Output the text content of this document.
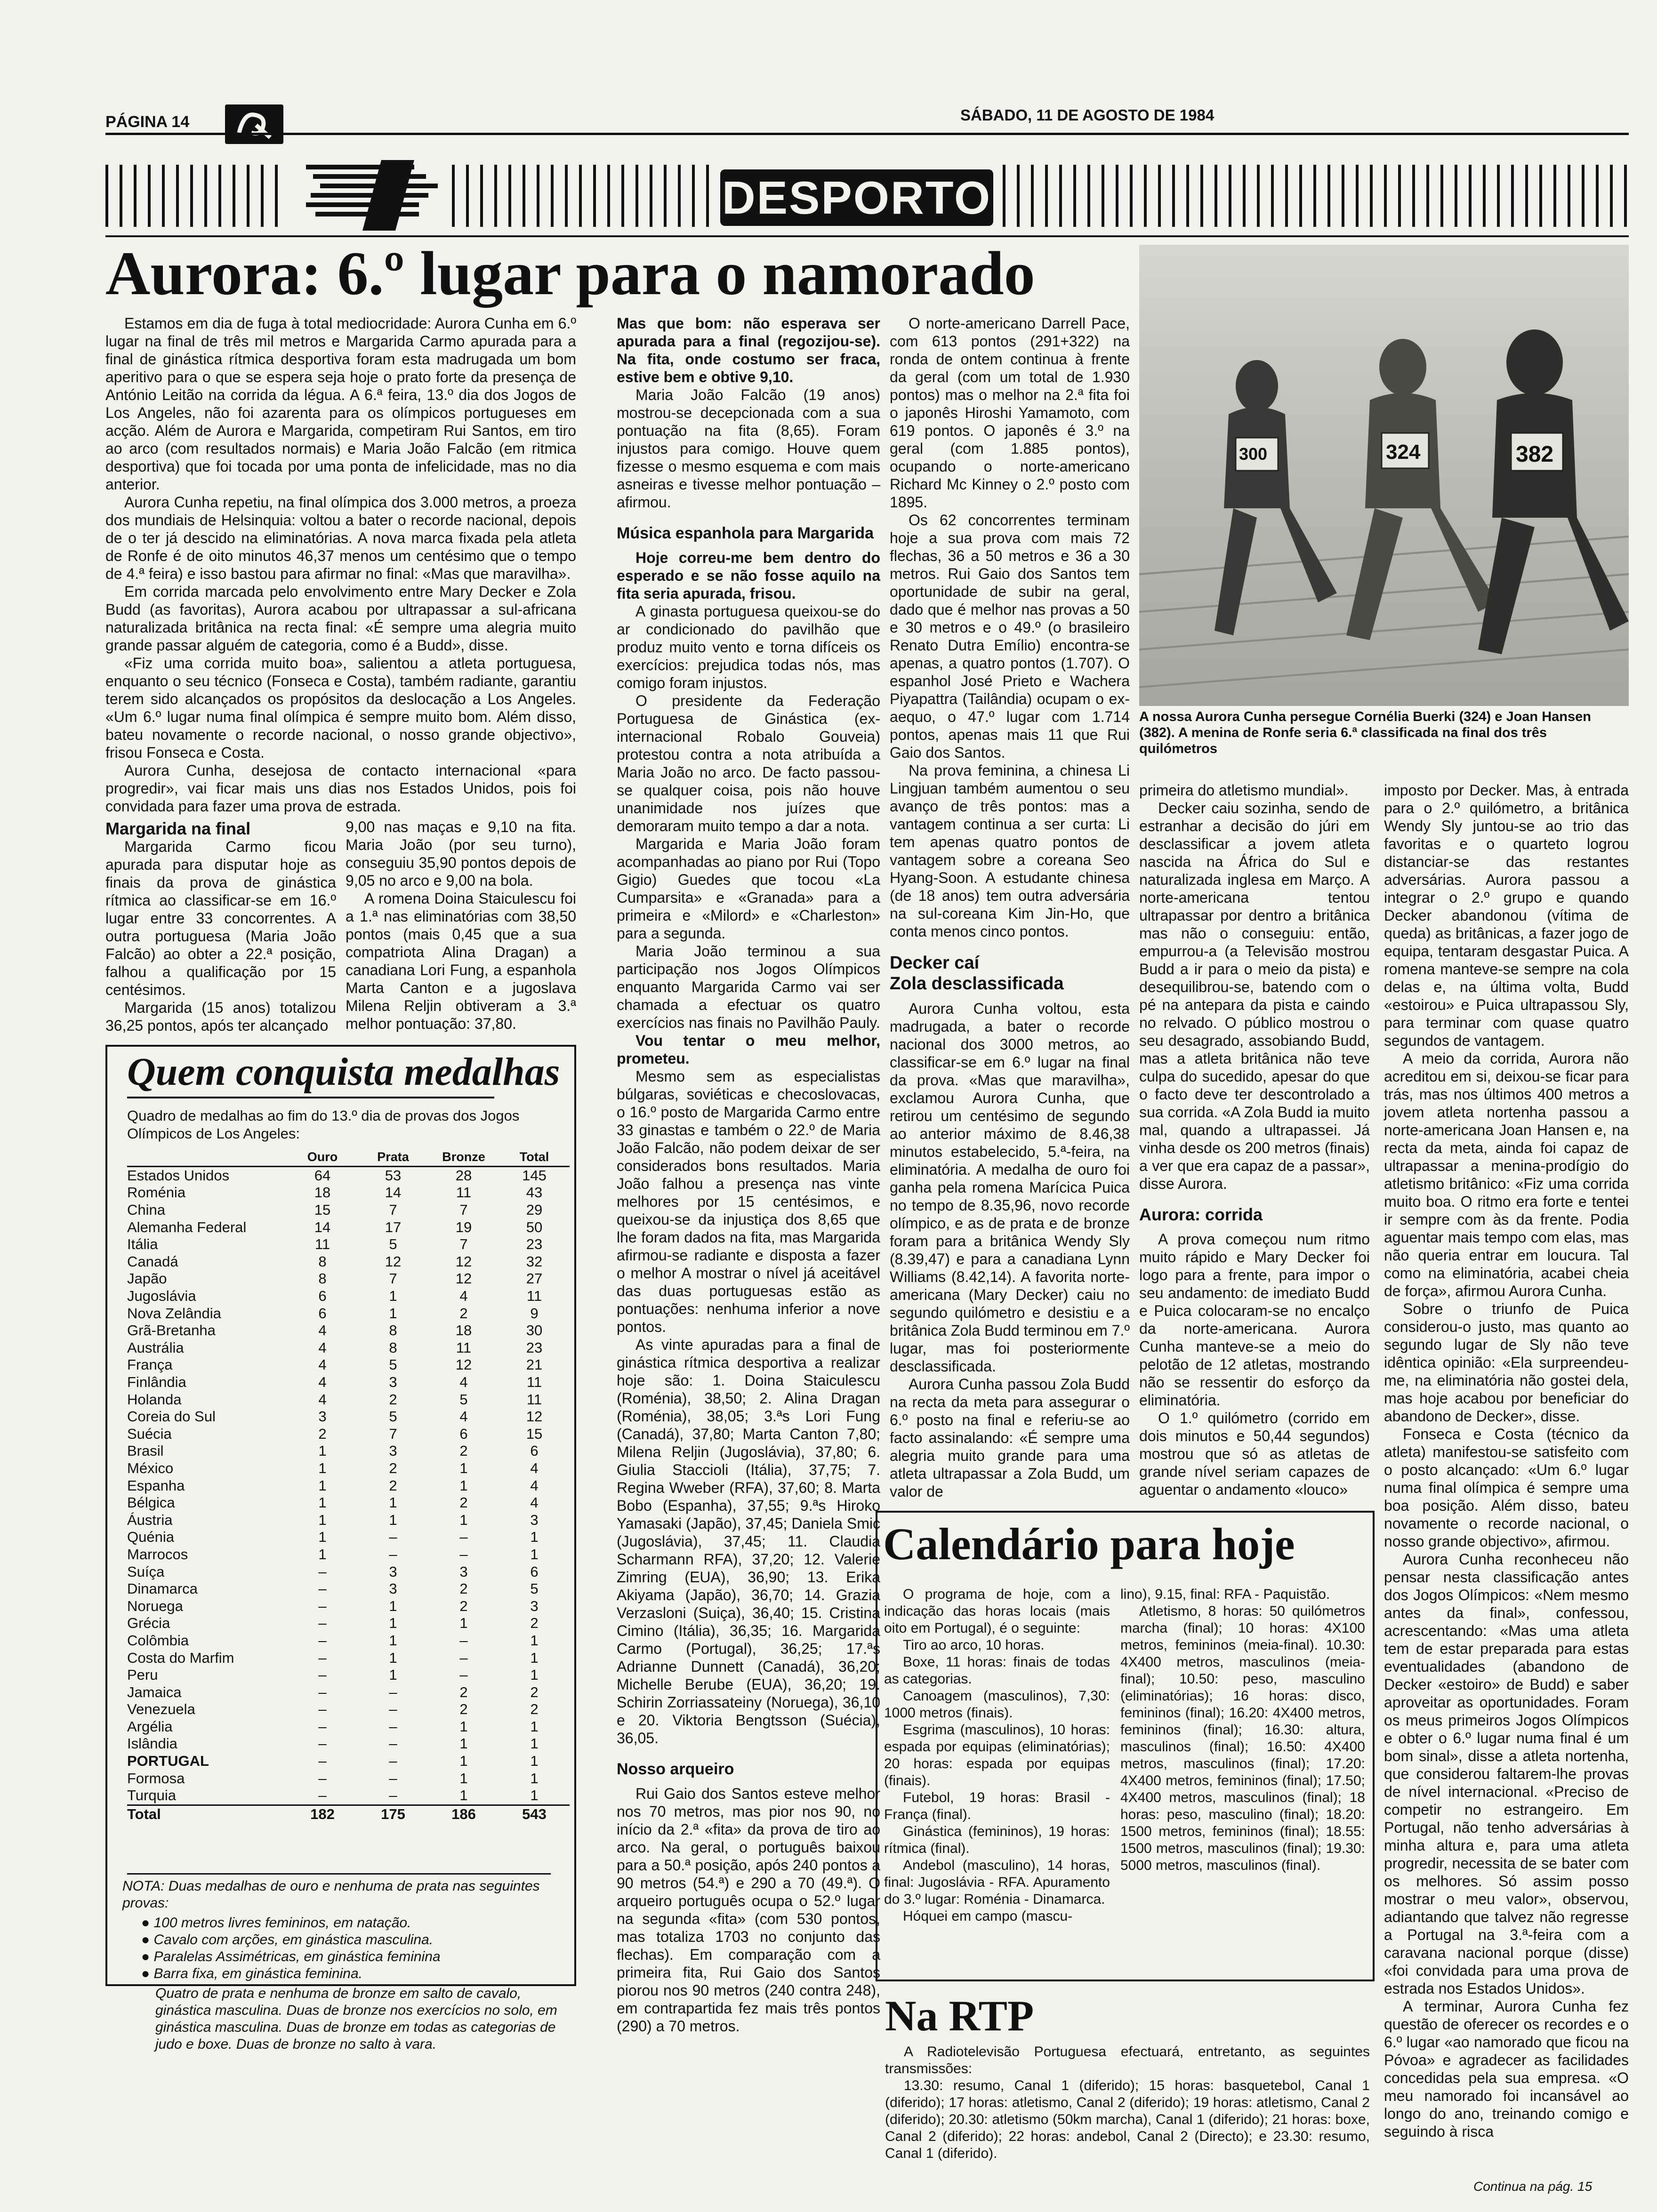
PÁGINA 14	SÁBADO, 11 DE AGOSTO DE 1984
DESPORTO
Aurora: 6.º lugar para o namorado
300	324	382
A nossa Aurora Cunha persegue Cornélia Buerki (324) e Joan Hansen (382). A menina de Ronfe seria 6.ª classificada na final dos três quilómetros

Estamos em dia de fuga à total mediocridade: Aurora Cunha em 6.º lugar na final de três mil metros e Margarida Carmo apurada para a final de ginástica rítmica desportiva foram esta madrugada um bom aperitivo para o que se espera seja hoje o prato forte da presença de António Leitão na corrida da légua. A 6.ª feira, 13.º dia dos Jogos de Los Angeles, não foi azarenta para os olímpicos portugueses em acção. Além de Aurora e Margarida, competiram Rui Santos, em tiro ao arco (com resultados normais) e Maria João Falcão (em ritmica desportiva) que foi tocada por uma ponta de infelicidade, mas no dia anterior.

Aurora Cunha repetiu, na final olímpica dos 3.000 metros, a proeza dos mundiais de Helsinquia: voltou a bater o recorde nacional, depois de o ter já descido na eliminatórias. A nova marca fixada pela atleta de Ronfe é de oito minutos 46,37 menos um centésimo que o tempo de 4.ª feira) e isso bastou para afirmar no final: «Mas que maravilha».

Em corrida marcada pelo envolvimento entre Mary Decker e Zola Budd (as favoritas), Aurora acabou por ultrapassar a sul-africana naturalizada britânica na recta final: «É sempre uma alegria muito grande passar alguém de categoria, como é a Budd», disse.

«Fiz uma corrida muito boa», salientou a atleta portuguesa, enquanto o seu técnico (Fonseca e Costa), também radiante, garantiu terem sido alcançados os propósitos da deslocação a Los Angeles. «Um 6.º lugar numa final olímpica é sempre muito bom. Além disso, bateu novamente o recorde nacional, o nosso grande objectivo», frisou Fonseca e Costa.

Aurora Cunha, desejosa de contacto internacional «para progredir», vai ficar mais uns dias nos Estados Unidos, pois foi convidada para fazer uma prova de estrada.

Margarida na final

Margarida Carmo ficou apurada para disputar hoje as finais da prova de ginástica rítmica ao classificar-se em 16.º lugar entre 33 concorrentes. A outra portuguesa (Maria João Falcão) ao obter a 22.ª posição, falhou a qualificação por 15 centésimos.

Margarida (15 anos) totalizou 36,25 pontos, após ter alcançado

9,00 nas maças e 9,10 na fita. Maria João (por seu turno), conseguiu 35,90 pontos depois de 9,05 no arco e 9,00 na bola.

A romena Doina Staiculescu foi a 1.ª nas eliminatórias com 38,50 pontos (mais 0,45 que a sua compatriota Alina Dragan) a canadiana Lori Fung, a espanhola Marta Canton e a jugoslava Milena Reljin obtiveram a 3.ª melhor pontuação: 37,80.

Quem conquista medalhas
Quadro de medalhas ao fim do 13.º dia de provas dos Jogos Olímpicos de Los Angeles:
	Ouro	Prata	Bronze	Total
Estados Unidos	64	53	28	145
Roménia	18	14	11	43
China	15	7	7	29
Alemanha Federal	14	17	19	50
Itália	11	5	7	23
Canadá	8	12	12	32
Japão	8	7	12	27
Jugoslávia	6	1	4	11
Nova Zelândia	6	1	2	9
Grã-Bretanha	4	8	18	30
Austrália	4	8	11	23
França	4	5	12	21
Finlândia	4	3	4	11
Holanda	4	2	5	11
Coreia do Sul	3	5	4	12
Suécia	2	7	6	15
Brasil	1	3	2	6
México	1	2	1	4
Espanha	1	2	1	4
Bélgica	1	1	2	4
Áustria	1	1	1	3
Quénia	1	–	–	1
Marrocos	1	–	–	1
Suíça	–	3	3	6
Dinamarca	–	3	2	5
Noruega	–	1	2	3
Grécia	–	1	1	2
Colômbia	–	1	–	1
Costa do Marfim	–	1	–	1
Peru	–	1	–	1
Jamaica	–	–	2	2
Venezuela	–	–	2	2
Argélia	–	–	1	1
Islândia	–	–	1	1
PORTUGAL	–	–	1	1
Formosa	–	–	1	1
Turquia	–	–	1	1
Total	182	175	186	543
NOTA: Duas medalhas de ouro e nenhuma de prata nas seguintes provas:
● 100 metros livres femininos, em natação.
● Cavalo com arções, em ginástica masculina.
● Paralelas Assimétricas, em ginástica feminina
● Barra fixa, em ginástica feminina.
Quatro de prata e nenhuma de bronze em salto de cavalo, ginástica masculina. Duas de bronze nos exercícios no solo, em ginástica masculina. Duas de bronze em todas as categorias de judo e boxe. Duas de bronze no salto à vara.

Mas que bom: não esperava ser apurada para a final (regozijou-se). Na fita, onde costumo ser fraca, estive bem e obtive 9,10.

Maria João Falcão (19 anos) mostrou-se decepcionada com a sua pontuação na fita (8,65). Foram injustos para comigo. Houve quem fizesse o mesmo esquema e com mais asneiras e tivesse melhor pontuação – afirmou.

Música espanhola para Margarida

Hoje correu-me bem dentro do esperado e se não fosse aquilo na fita seria apurada, frisou.

A ginasta portuguesa queixou-se do ar condicionado do pavilhão que produz muito vento e torna difíceis os exercícios: prejudica todas nós, mas comigo foram injustos.

O presidente da Federação Portuguesa de Ginástica (ex-internacional Robalo Gouveia) protestou contra a nota atribuída a Maria João no arco. De facto passou-se qualquer coisa, pois não houve unanimidade nos juízes que demoraram muito tempo a dar a nota.

Margarida e Maria João foram acompanhadas ao piano por Rui (Topo Gigio) Guedes que tocou «La Cumparsita» e «Granada» para a primeira e «Milord» e «Charleston» para a segunda.

Maria João terminou a sua participação nos Jogos Olímpicos enquanto Margarida Carmo vai ser chamada a efectuar os quatro exercícios nas finais no Pavilhão Pauly.

Vou tentar o meu melhor, prometeu.

Mesmo sem as especialistas búlgaras, soviéticas e checoslovacas, o 16.º posto de Margarida Carmo entre 33 ginastas e também o 22.º de Maria João Falcão, não podem deixar de ser considerados bons resultados. Maria João falhou a presença nas vinte melhores por 15 centésimos, e queixou-se da injustiça dos 8,65 que lhe foram dados na fita, mas Margarida afirmou-se radiante e disposta a fazer o melhor A mostrar o nível já aceitável das duas portuguesas estão as pontuações: nenhuma inferior a nove pontos.

As vinte apuradas para a final de ginástica rítmica desportiva a realizar hoje são: 1. Doina Staiculescu (Roménia), 38,50; 2. Alina Dragan (Roménia), 38,05; 3.ªs Lori Fung (Canadá), 37,80; Marta Canton 7,80; Milena Reljin (Jugoslávia), 37,80; 6. Giulia Staccioli (Itália), 37,75; 7. Regina Wweber (RFA), 37,60; 8. Marta Bobo (Espanha), 37,55; 9.ªs Hiroko Yamasaki (Japão), 37,45; Daniela Smic (Jugoslávia), 37,45; 11. Claudia Scharmann RFA), 37,20; 12. Valerie Zimring (EUA), 36,90; 13. Erika Akiyama (Japão), 36,70; 14. Grazia Verzasloni (Suiça), 36,40; 15. Cristina Cimino (Itália), 36,35; 16. Margarida Carmo (Portugal), 36,25; 17.ªs Adrianne Dunnett (Canadá), 36,20; Michelle Berube (EUA), 36,20; 19. Schirin Zorriassateiny (Noruega), 36,10 e 20. Viktoria Bengtsson (Suécia), 36,05.

Nosso arqueiro

Rui Gaio dos Santos esteve melhor nos 70 metros, mas pior nos 90, no início da 2.ª «fita» da prova de tiro ao arco. Na geral, o português baixou para a 50.ª posição, após 240 pontos a 90 metros (54.ª) e 290 a 70 (49.ª). O arqueiro português ocupa o 52.º lugar na segunda «fita» (com 530 pontos, mas totaliza 1703 no conjunto das flechas). Em comparação com a primeira fita, Rui Gaio dos Santos piorou nos 90 metros (240 contra 248), em contrapartida fez mais três pontos (290) a 70 metros.

O norte-americano Darrell Pace, com 613 pontos (291+322) na ronda de ontem continua à frente da geral (com um total de 1.930 pontos) mas o melhor na 2.ª fita foi o japonês Hiroshi Yamamoto, com 619 pontos. O japonês é 3.º na geral (com 1.885 pontos), ocupando o norte-americano Richard Mc Kinney o 2.º posto com 1895.

Os 62 concorrentes terminam hoje a sua prova com mais 72 flechas, 36 a 50 metros e 36 a 30 metros. Rui Gaio dos Santos tem oportunidade de subir na geral, dado que é melhor nas provas a 50 e 30 metros e o 49.º (o brasileiro Renato Dutra Emílio) encontra-se apenas, a quatro pontos (1.707). O espanhol José Prieto e Wachera Piyapattra (Tailândia) ocupam o ex-aequo, o 47.º lugar com 1.714 pontos, apenas mais 11 que Rui Gaio dos Santos.

Na prova feminina, a chinesa Li Lingjuan também aumentou o seu avanço de três pontos: mas a vantagem continua a ser curta: Li tem apenas quatro pontos de vantagem sobre a coreana Seo Hyang-Soon. A estudante chinesa (de 18 anos) tem outra adversária na sul-coreana Kim Jin-Ho, que conta menos cinco pontos.

Decker caí
Zola desclassificada

Aurora Cunha voltou, esta madrugada, a bater o recorde nacional dos 3000 metros, ao classificar-se em 6.º lugar na final da prova. «Mas que maravilha», exclamou Aurora Cunha, que retirou um centésimo de segundo ao anterior máximo de 8.46,38 minutos estabelecido, 5.ª-feira, na eliminatória. A medalha de ouro foi ganha pela romena Marícica Puica no tempo de 8.35,96, novo recorde olímpico, e as de prata e de bronze foram para a britânica Wendy Sly (8.39,47) e para a canadiana Lynn Williams (8.42,14). A favorita norte-americana (Mary Decker) caiu no segundo quilómetro e desistiu e a britânica Zola Budd terminou em 7.º lugar, mas foi posteriormente desclassificada.

Aurora Cunha passou Zola Budd na recta da meta para assegurar o 6.º posto na final e referiu-se ao facto assinalando: «É sempre uma alegria muito grande para uma atleta ultrapassar a Zola Budd, um valor de

primeira do atletismo mundial».

Decker caiu sozinha, sendo de estranhar a decisão do júri em desclassificar a jovem atleta nascida na África do Sul e naturalizada inglesa em Março. A norte-americana tentou ultrapassar por dentro a britânica mas não o conseguiu: então, empurrou-a (a Televisão mostrou Budd a ir para o meio da pista) e desequilibrou-se, batendo com o pé na antepara da pista e caindo no relvado. O público mostrou o seu desagrado, assobiando Budd, mas a atleta britânica não teve culpa do sucedido, apesar do que o facto deve ter descontrolado a sua corrida. «A Zola Budd ia muito mal, quando a ultrapassei. Já vinha desde os 200 metros (finais) a ver que era capaz de a passar», disse Aurora.

Aurora: corrida

A prova começou num ritmo muito rápido e Mary Decker foi logo para a frente, para impor o seu andamento: de imediato Budd e Puica colocaram-se no encalço da norte-americana. Aurora Cunha manteve-se a meio do pelotão de 12 atletas, mostrando não se ressentir do esforço da eliminatória.

O 1.º quilómetro (corrido em dois minutos e 50,44 segundos) mostrou que só as atletas de grande nível seriam capazes de aguentar o andamento «louco»

imposto por Decker. Mas, à entrada para o 2.º quilómetro, a britânica Wendy Sly juntou-se ao trio das favoritas e o quarteto logrou distanciar-se das restantes adversárias. Aurora passou a integrar o 2.º grupo e quando Decker abandonou (vítima de queda) as britânicas, a fazer jogo de equipa, tentaram desgastar Puica. A romena manteve-se sempre na cola delas e, na última volta, Budd «estoirou» e Puica ultrapassou Sly, para terminar com quase quatro segundos de vantagem.

A meio da corrida, Aurora não acreditou em si, deixou-se ficar para trás, mas nos últimos 400 metros a jovem atleta nortenha passou a norte-americana Joan Hansen e, na recta da meta, ainda foi capaz de ultrapassar a menina-prodígio do atletismo britânico: «Fiz uma corrida muito boa. O ritmo era forte e tentei ir sempre com às da frente. Podia aguentar mais tempo com elas, mas não queria entrar em loucura. Tal como na eliminatória, acabei cheia de força», afirmou Aurora Cunha.

Sobre o triunfo de Puica considerou-o justo, mas quanto ao segundo lugar de Sly não teve idêntica opinião: «Ela surpreendeu-me, na eliminatória não gostei dela, mas hoje acabou por beneficiar do abandono de Decker», disse.

Fonseca e Costa (técnico da atleta) manifestou-se satisfeito com o posto alcançado: «Um 6.º lugar numa final olímpica é sempre uma boa posição. Além disso, bateu novamente o recorde nacional, o nosso grande objectivo», afirmou.

Aurora Cunha reconheceu não pensar nesta classificação antes dos Jogos Olímpicos: «Nem mesmo antes da final», confessou, acrescentando: «Mas uma atleta tem de estar preparada para estas eventualidades (abandono de Decker «estoiro» de Budd) e saber aproveitar as oportunidades. Foram os meus primeiros Jogos Olímpicos e obter o 6.º lugar numa final é um bom sinal», disse a atleta nortenha, que considerou faltarem-lhe provas de nível internacional. «Preciso de competir no estrangeiro. Em Portugal, não tenho adversárias à minha altura e, para uma atleta progredir, necessita de se bater com os melhores. Só assim posso mostrar o meu valor», observou, adiantando que talvez não regresse a Portugal na 3.ª-feira com a caravana nacional porque (disse) «foi convidada para uma prova de estrada nos Estados Unidos».

A terminar, Aurora Cunha fez questão de oferecer os recordes e o 6.º lugar «ao namorado que ficou na Póvoa» e agradecer as facilidades concedidas pela sua empresa. «O meu namorado foi incansável ao longo do ano, treinando comigo e seguindo à risca

Continua na pág. 15
Calendário para hoje

O programa de hoje, com a indicação das horas locais (mais oito em Portugal), é o seguinte:

Tiro ao arco, 10 horas.

Boxe, 11 horas: finais de todas as categorias.

Canoagem (masculinos), 7,30: 1000 metros (finais).

Esgrima (masculinos), 10 horas: espada por equipas (eliminatórias); 20 horas: espada por equipas (finais).

Futebol, 19 horas: Brasil - França (final).

Ginástica (femininos), 19 horas: rítmica (final).

Andebol (masculino), 14 horas, final: Jugoslávia - RFA. Apuramento do 3.º lugar: Roménia - Dinamarca.

Hóquei em campo (mascu-

lino), 9.15, final: RFA - Paquistão.

Atletismo, 8 horas: 50 quilómetros marcha (final); 10 horas: 4X100 metros, femininos (meia-final). 10.30: 4X400 metros, masculinos (meia-final); 10.50: peso, masculino (eliminatórias); 16 horas: disco, femininos (final); 16.20: 4X400 metros, femininos (final); 16.30: altura, masculinos (final); 16.50: 4X400 metros, masculinos (final); 17.20: 4X400 metros, femininos (final); 17.50; 4X400 metros, masculinos (final); 18 horas: peso, masculino (final); 18.20: 1500 metros, femininos (final); 18.55: 1500 metros, masculinos (final); 19.30: 5000 metros, masculinos (final).

Na RTP

A Radiotelevisão Portuguesa efectuará, entretanto, as seguintes transmissões:

13.30: resumo, Canal 1 (diferido); 15 horas: basquetebol, Canal 1 (diferido); 17 horas: atletismo, Canal 2 (diferido); 19 horas: atletismo, Canal 2 (diferido); 20.30: atletismo (50km marcha), Canal 1 (diferido); 21 horas: boxe, Canal 2 (diferido); 22 horas: andebol, Canal 2 (Directo); e 23.30: resumo, Canal 1 (diferido).
